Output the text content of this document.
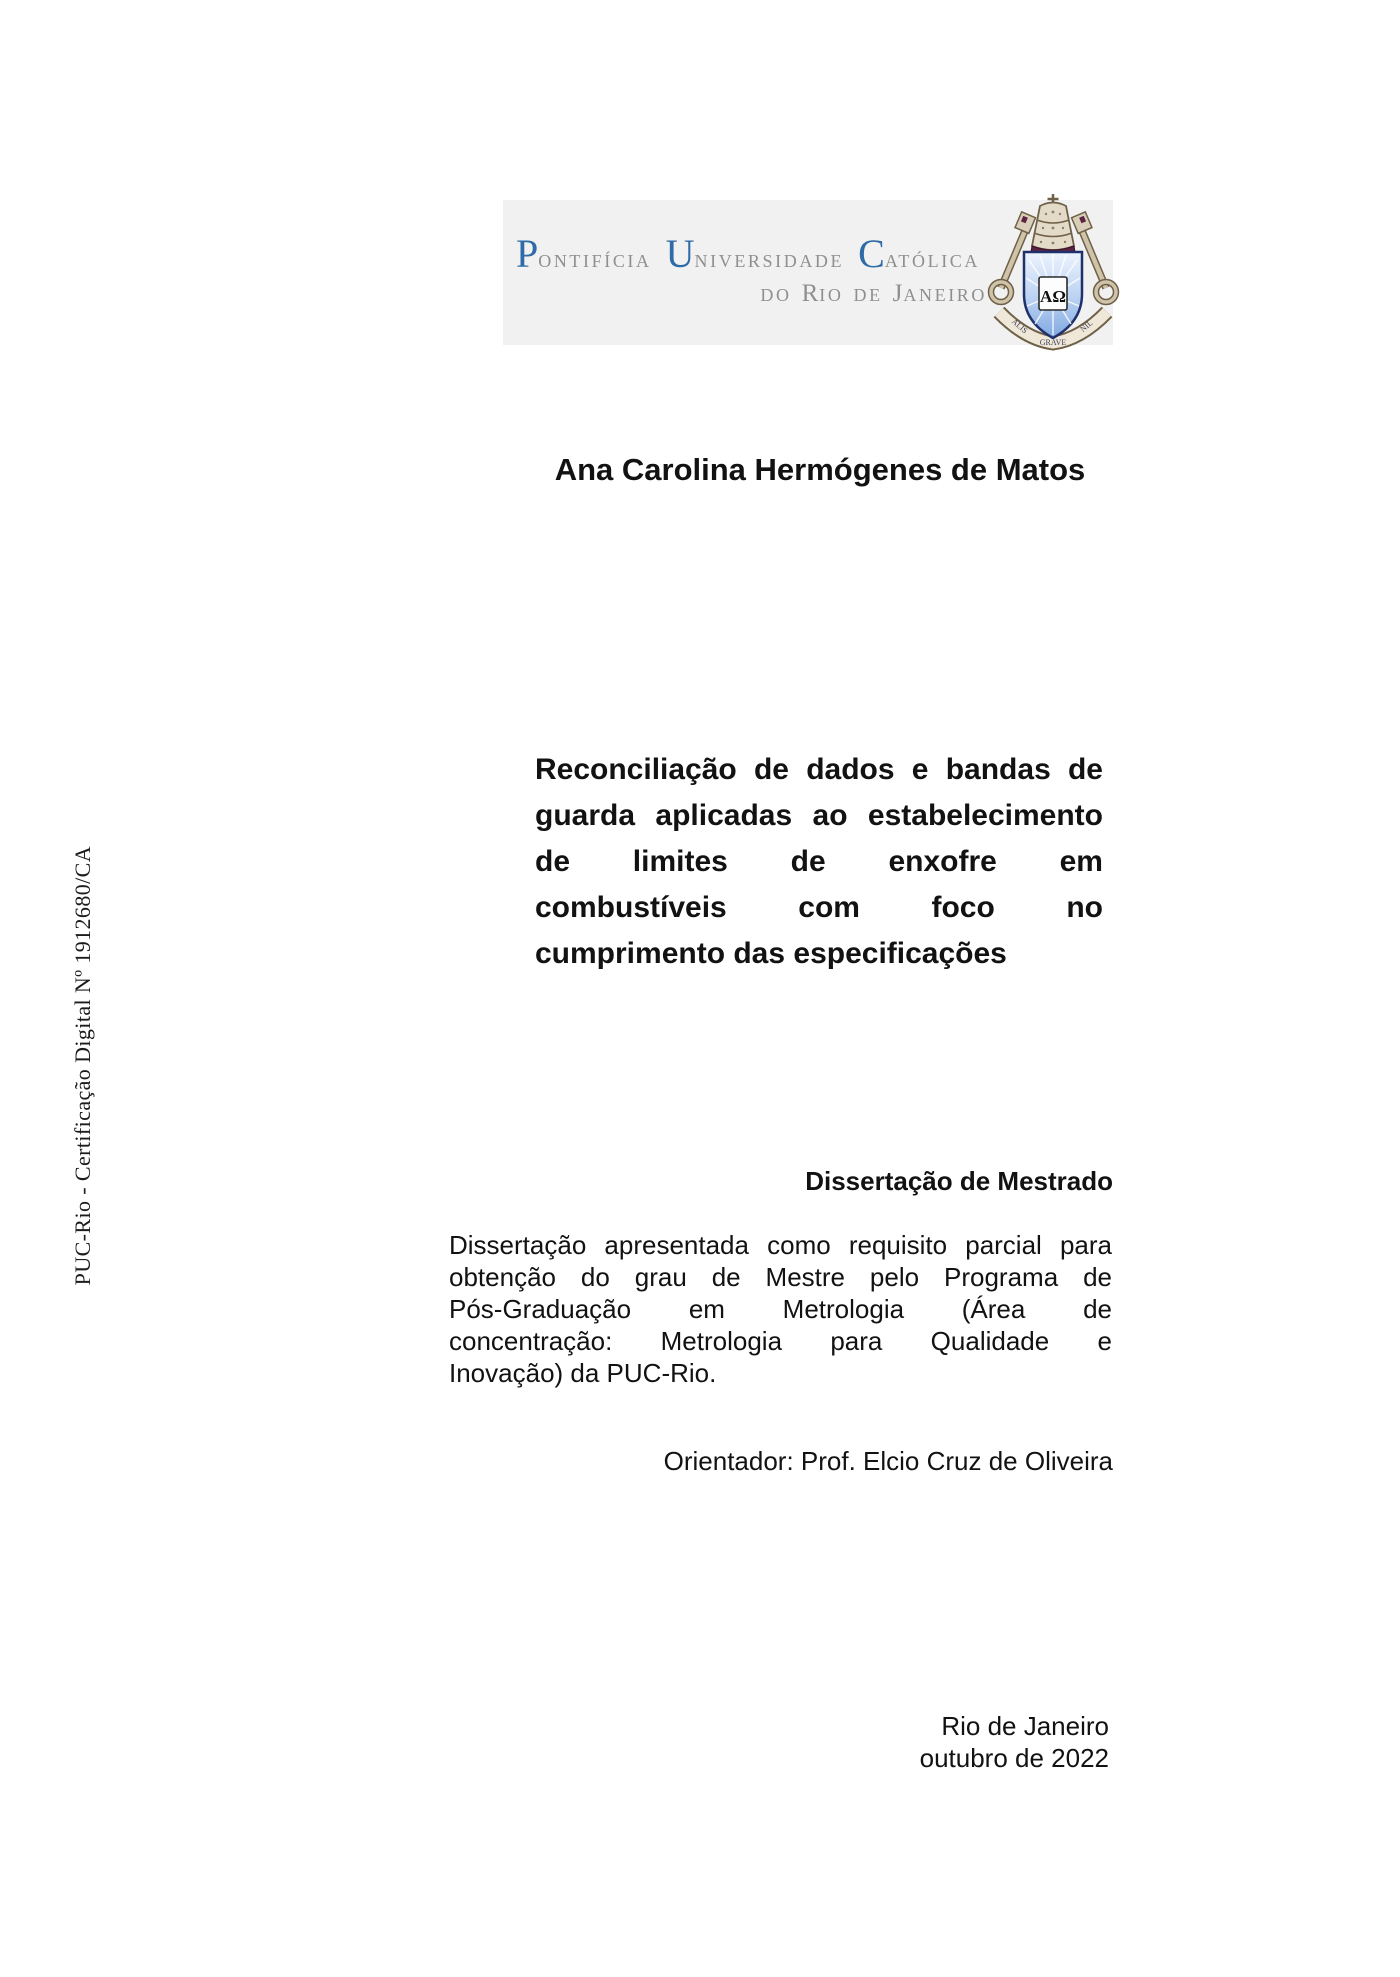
PUC-Rio - Certificação Digital Nº 1912680/CA
PONTIFÍCIA UNIVERSIDADE CATÓLICA
DO RIO DE JANEIRO	ΑΩ
ALIS
GRAVE
NIL
Ana Carolina Hermógenes de Matos
Reconciliação de dados e bandas de
guarda aplicadas ao estabelecimento
de limites de enxofre em
combustíveis com foco no
cumprimento das especificações
Dissertação de Mestrado
Dissertação apresentada como requisito parcial para
obtenção do grau de Mestre pelo Programa de
Pós-Graduação em Metrologia (Área de
concentração: Metrologia para Qualidade e
Inovação) da PUC-Rio.
Orientador: Prof. Elcio Cruz de Oliveira
Rio de Janeiro
outubro de 2022
